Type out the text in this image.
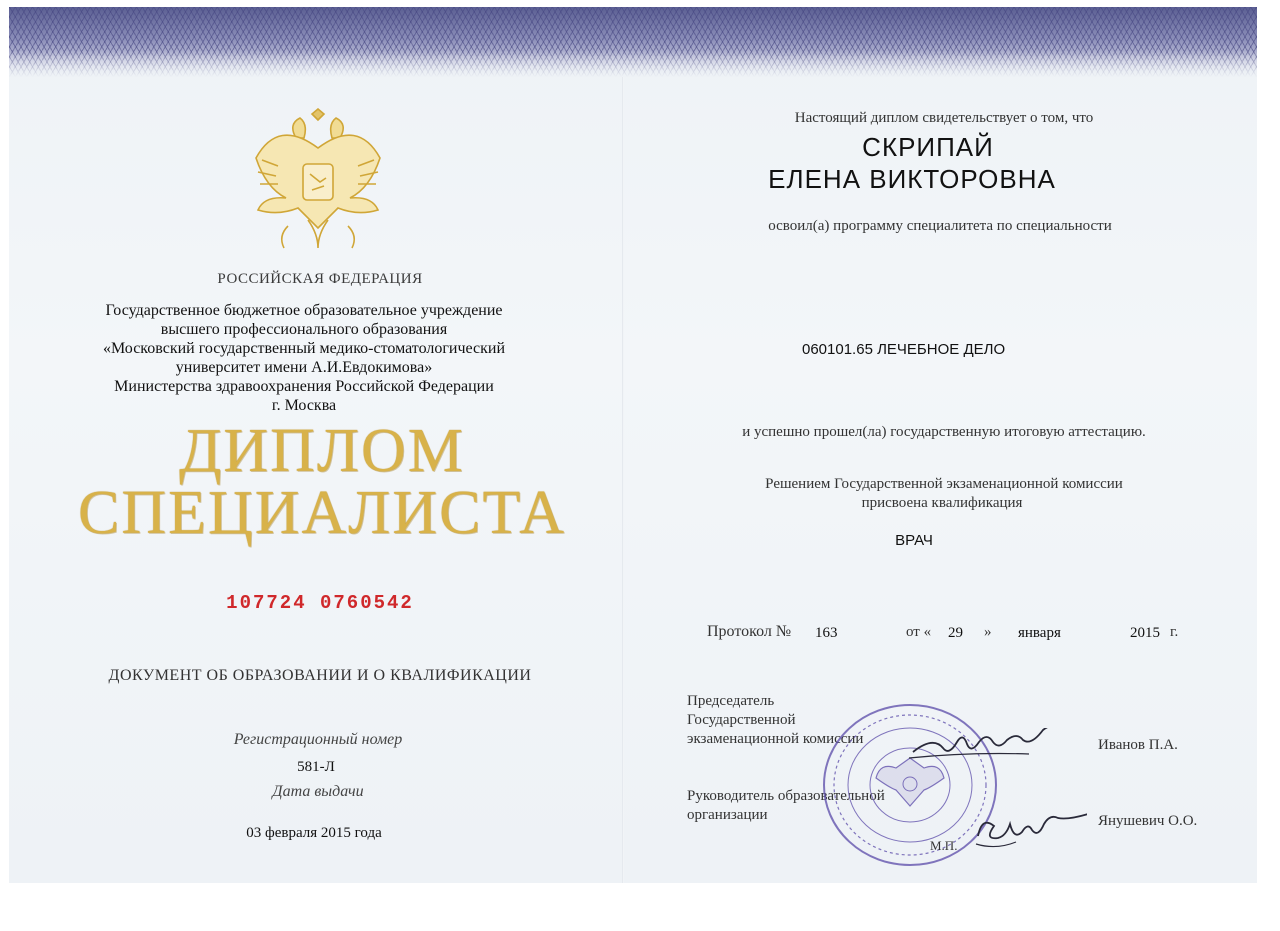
РОССИЙСКАЯ ФЕДЕРАЦИЯ
Государственное бюджетное образовательное учреждение
высшего профессионального образования
«Московский государственный медико-стоматологический
университет имени А.И.Евдокимова»
Министерства здравоохранения Российской Федерации
г. Москва
ДИПЛОМ
СПЕЦИАЛИСТА
107724 0760542
ДОКУМЕНТ ОБ ОБРАЗОВАНИИ И О КВАЛИФИКАЦИИ
Регистрационный номер
581-Л
Дата выдачи
03 февраля 2015 года
Настоящий диплом свидетельствует о том, что
СКРИПАЙ
ЕЛЕНА ВИКТОРОВНА
освоил(а) программу специалитета по специальности
060101.65 ЛЕЧЕБНОЕ ДЕЛО
и успешно прошел(ла) государственную итоговую аттестацию.
Решением Государственной экзаменационной комиссии
присвоена квалификация
ВРАЧ
Протокол № 163	от « 29 » января	2015 г.
Председатель
Государственной
экзаменационной комиссии
Руководитель образовательной
организации
Иванов П.А.
Янушевич О.О.
М.П.
